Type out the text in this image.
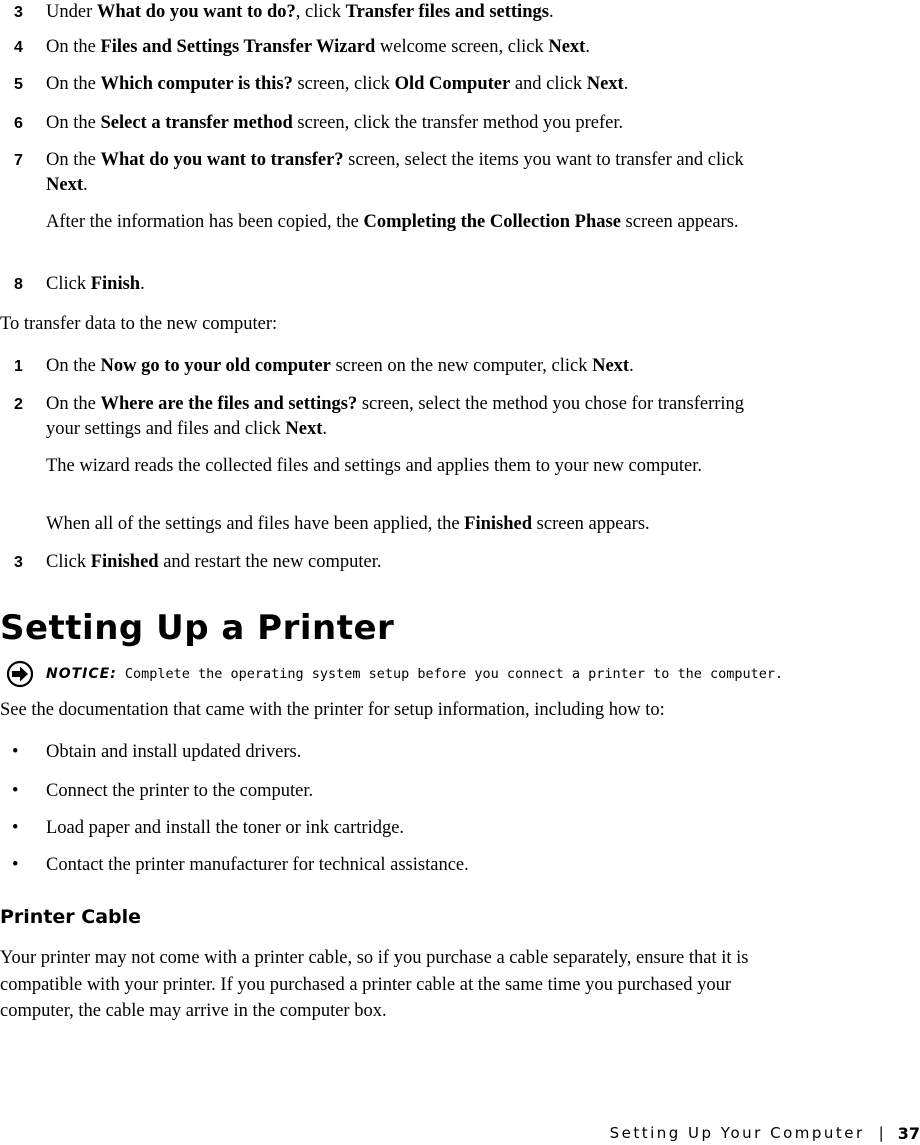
3	Under What do you want to do?, click Transfer files and settings.
4	On the Files and Settings Transfer Wizard welcome screen, click Next.
5	On the Which computer is this? screen, click Old Computer and click Next.
6	On the Select a transfer method screen, click the transfer method you prefer.
7	On the What do you want to transfer? screen, select the items you want to transfer and click Next.
After the information has been copied, the Completing the Collection Phase screen appears.
8	Click Finish.
To transfer data to the new computer:
1	On the Now go to your old computer screen on the new computer, click Next.
2	On the Where are the files and settings? screen, select the method you chose for transferring your settings and files and click Next.
The wizard reads the collected files and settings and applies them to your new computer.
When all of the settings and files have been applied, the Finished screen appears.
3	Click Finished and restart the new computer.
Setting Up a Printer
NOTICE: Complete the operating system setup before you connect a printer to the computer.
See the documentation that came with the printer for setup information, including how to:
• Obtain and install updated drivers.
• Connect the printer to the computer.
• Load paper and install the toner or ink cartridge.
• Contact the printer manufacturer for technical assistance.
Printer Cable
Your printer may not come with a printer cable, so if you purchase a cable separately, ensure that it is compatible with your printer. If you purchased a printer cable at the same time you purchased your computer, the cable may arrive in the computer box.
Setting Up Your Computer | 37
